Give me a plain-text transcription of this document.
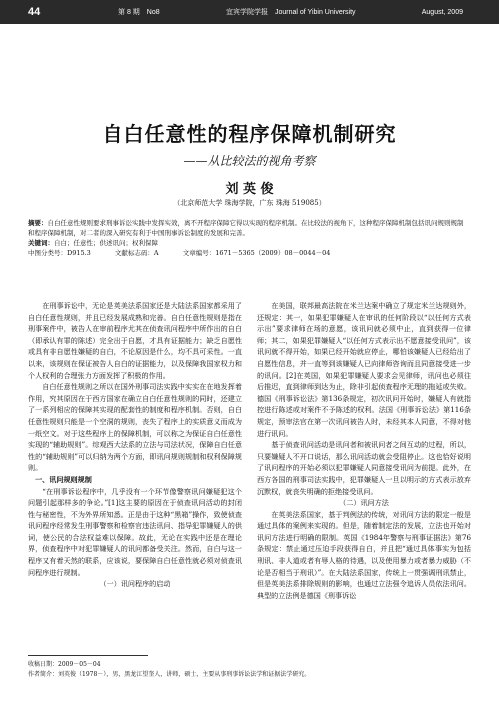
44	第 8 期　No8	宜宾学院学报　Journal of Yibin University	August, 2009
自白任意性的程序保障机制研究
——从比较法的视角考察
刘 英 俊
（北京师范大学 珠海学院，广东 珠海 519085）
摘要：自白任意性规则要求刑事诉讼实践中发挥实效，离不开程序保障它得以实现的程序机制。在比较法的视角下，这种程序保障机制包括讯问规则规制和程序保障机制，对二者的深入研究有利于中国刑事诉讼制度的发展和完善。
关键词：自白；任意性；供述讯问；权利保障
中图分类号：D915.3	文献标志码：A	文章编号：1671－5365（2009）08－0044－04

在刑事诉讼中，无论是英美法系国家还是大陆法系国家都采用了自白任意性规则，并且已经发展成熟和完善。自白任意性规则是指在刑事案件中，被告人在审前程序尤其在侦查讯问程序中所作出的自白（即承认有罪的陈述）完全出于自愿，才具有证据能力；缺乏自愿性或具有非自愿性嫌疑的自白，不论原因是什么，均不具可采性。一直以来，该规则在保证被告人自白的证据能力，以及保障我国家权力和个人权利的合理张力方面发挥了积极的作用。

自白任意性规则之所以在国外刑事司法实践中实实在在地发挥着作用，究其原因在于西方国家在确立自白任意性规则的同时，还建立了一系列相应的保障其实现的配套性的制度和程序机制。否则，自白任意性规则只能是一个空洞的规则，丧失了程序上的实质意义而成为一纸空文。对于这些程序上的保障机制，可以称之为保证自白任意性实现的“辅助规则”。综观西大法系的立法与司法状况，保障自白任意性的“辅助规则”可以归纳为两个方面，即讯问规则规制和权利保障规则。

一、讯问规则规制

“在刑事诉讼程序中，几乎没有一个环节像警察讯问嫌疑犯这个问题引起那样多的争论。”[1]这主要的原因在于侦查讯问活动的封闭性与秘密性，不为外界所知悉。正是由于这种“黑箱”操作，致使侦查讯问程序经常发生刑事警察和检察官违法讯问、指导犯罪嫌疑人的供词，使公民的合法权益难以保障。故此，无论在实践中还是在理论界，侦查程序中对犯罪嫌疑人的讯问都备受关注。然而，自白与这一程序又有着天然的联系，应该说，要保障自白任意性就必须对侦查讯问程序进行规制。

（一）讯问程序的启动

在美国，联邦最高法院在米兰达案中确立了规定米兰达规则外，还规定：其一，如果犯罪嫌疑人在审讯的任何阶段以“以任何方式表示出”要求律师在场的意愿，该讯问就必须中止，直到获得一位律师；其二，如果犯罪嫌疑人“以任何方式表示出不愿意接受讯问”，该讯问就不得开始，如果已经开始就应停止，哪怕该嫌疑人已经给出了自愿性信息，并一直等到该嫌疑人已向律师咨询而且同意接受进一步的讯问。[2]在英国，如果犯罪嫌疑人要求会见律师，讯问也必须往后推迟，直到律师到达为止，除非引起侦查程序无理的拖延或失败。德国《刑事诉讼法》第136条规定，初次讯问开始时，嫌疑人有就指控进行陈述或对案件不予陈述的权利。法国《刑事诉讼法》第116条规定，预审法官在第一次讯问被告人时，未经其本人同意，不得对他进行讯问。

基于侦查讯问活动是讯问者和被讯问者之间互动的过程，所以，只要嫌疑人不开口说话，那么讯问活动就会受阻停止。这也恰好说明了讯问程序的开始必须以犯罪嫌疑人同意接受讯问为前提。此外，在西方各国的刑事司法实践中，犯罪嫌疑人一旦以明示的方式表示放弃沉默权，就丧失明确的拒绝接受讯问。

（二）讯问方法

在英美法系国家，基于判例法的传统，对讯问方法的限定一般是通过具体的案例来实现的。但是，随着制定法的发展，立法也开始对讯问方法进行明确的限制。英国《1984年警察与刑事证据法》第76条规定：禁止通过压迫手段获得自白，并且把“通过具体事实为包括刑讯、非人道或者有辱人格的待遇，以及使用暴力或者暴力威胁（不论是否相当于刑讯）”。在大陆法系国家，传统上一贯强调刑讯禁止，但是英美法系排除规则的影响，也通过立法强令追诉人员依法讯问。典型的立法例是德国《刑事诉讼

收稿日期：2009－05－04
作者简介：刘英俊（1978－），男，黑龙江望奎人，讲师，硕士，主要从事刑事诉讼法学和证据法学研究。
